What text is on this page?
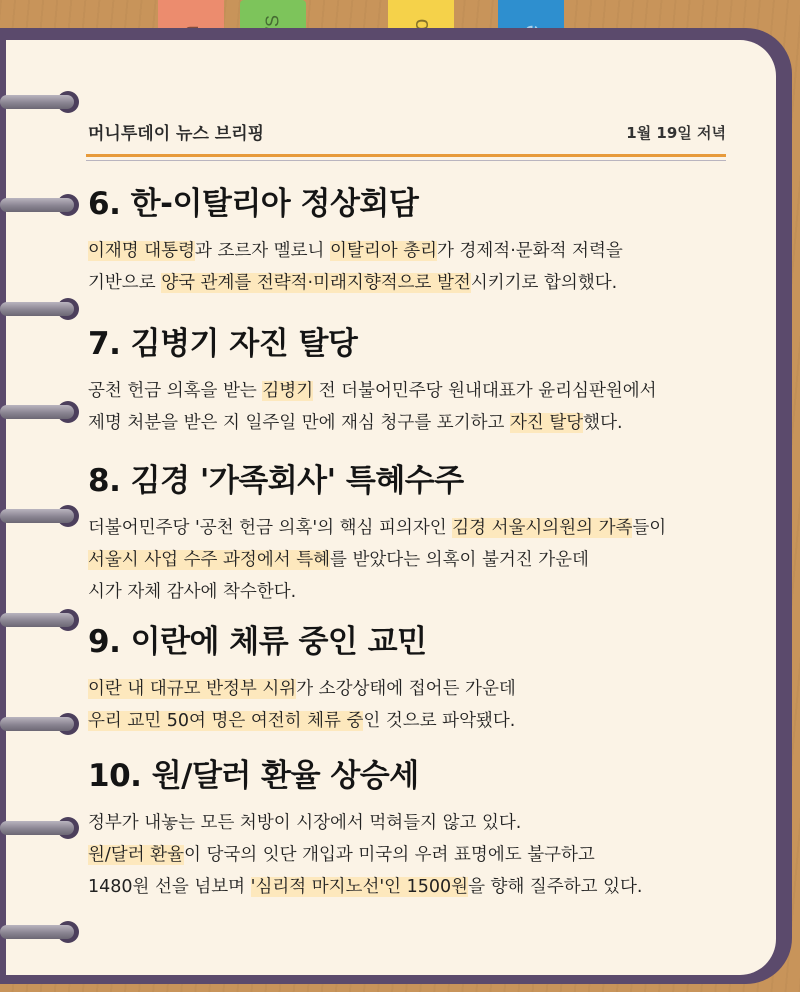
머니투데이 뉴스 브리핑	1월 19일 저녁
6. 한-이탈리아 정상회담

이재명 대통령과 조르자 멜로니 이탈리아 총리가 경제적·문화적 저력을
기반으로 양국 관계를 전략적·미래지향적으로 발전시키기로 합의했다.

7. 김병기 자진 탈당

공천 헌금 의혹을 받는 김병기 전 더불어민주당 원내대표가 윤리심판원에서
제명 처분을 받은 지 일주일 만에 재심 청구를 포기하고 자진 탈당했다.

8. 김경 '가족회사' 특혜수주

더불어민주당 '공천 헌금 의혹'의 핵심 피의자인 김경 서울시의원의 가족들이
서울시 사업 수주 과정에서 특혜를 받았다는 의혹이 불거진 가운데
시가 자체 감사에 착수한다.

9. 이란에 체류 중인 교민

이란 내 대규모 반정부 시위가 소강상태에 접어든 가운데
우리 교민 50여 명은 여전히 체류 중인 것으로 파악됐다.

10. 원/달러 환율 상승세

정부가 내놓는 모든 처방이 시장에서 먹혀들지 않고 있다.
원/달러 환율이 당국의 잇단 개입과 미국의 우려 표명에도 불구하고
1480원 선을 넘보며 '심리적 마지노선'인 1500원을 향해 질주하고 있다.
